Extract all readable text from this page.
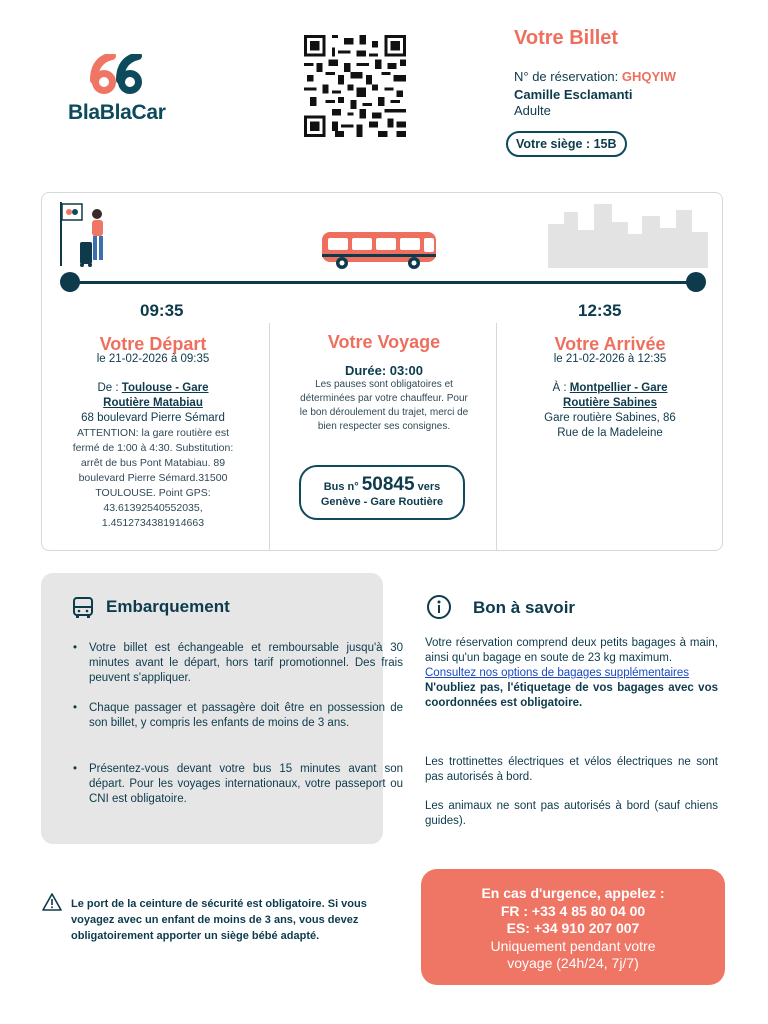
BlaBlaCar
Votre Billet
N° de réservation: GHQYIW
Camille Esclamanti
Adulte
Votre siège : 15B
09:35	12:35
Votre Départ
le 21-02-2026 à 09:35
De : Toulouse - Gare
Routière Matabiau
68 boulevard Pierre Sémard
ATTENTION: la gare routière est fermé de 1:00 à 4:30. Substitution: arrêt de bus Pont Matabiau. 89 boulevard Pierre Sémard.31500 TOULOUSE. Point GPS: 43.61392540552035, 1.4512734381914663
Votre Voyage
Durée: 03:00
Les pauses sont obligatoires et déterminées par votre chauffeur. Pour le bon déroulement du trajet, merci de bien respecter ses consignes.
Bus n° 50845 vers
Genève - Gare Routière
Votre Arrivée
le 21-02-2026 à 12:35
À : Montpellier - Gare
Routière Sabines
Gare routière Sabines, 86
Rue de la Madeleine
Embarquement
• Votre billet est échangeable et remboursable jusqu'à 30 minutes avant le départ, hors tarif promotionnel. Des frais peuvent s'appliquer.
• Chaque passager et passagère doit être en possession de son billet, y compris les enfants de moins de 3 ans.
• Présentez-vous devant votre bus 15 minutes avant son départ. Pour les voyages internationaux, votre passeport ou CNI est obligatoire.
Bon à savoir
Votre réservation comprend deux petits bagages à main, ainsi qu'un bagage en soute de 23 kg maximum.
Consultez nos options de bagages supplémentaires
N'oubliez pas, l'étiquetage de vos bagages avec vos coordonnées est obligatoire.
Les trottinettes électriques et vélos électriques ne sont pas autorisés à bord.
Les animaux ne sont pas autorisés à bord (sauf chiens guides).
Le port de la ceinture de sécurité est obligatoire. Si vous voyagez avec un enfant de moins de 3 ans, vous devez obligatoirement apporter un siège bébé adapté.
En cas d'urgence, appelez :
FR : +33 4 85 80 04 00
ES: +34 910 207 007
Uniquement pendant votre voyage (24h/24, 7j/7)
